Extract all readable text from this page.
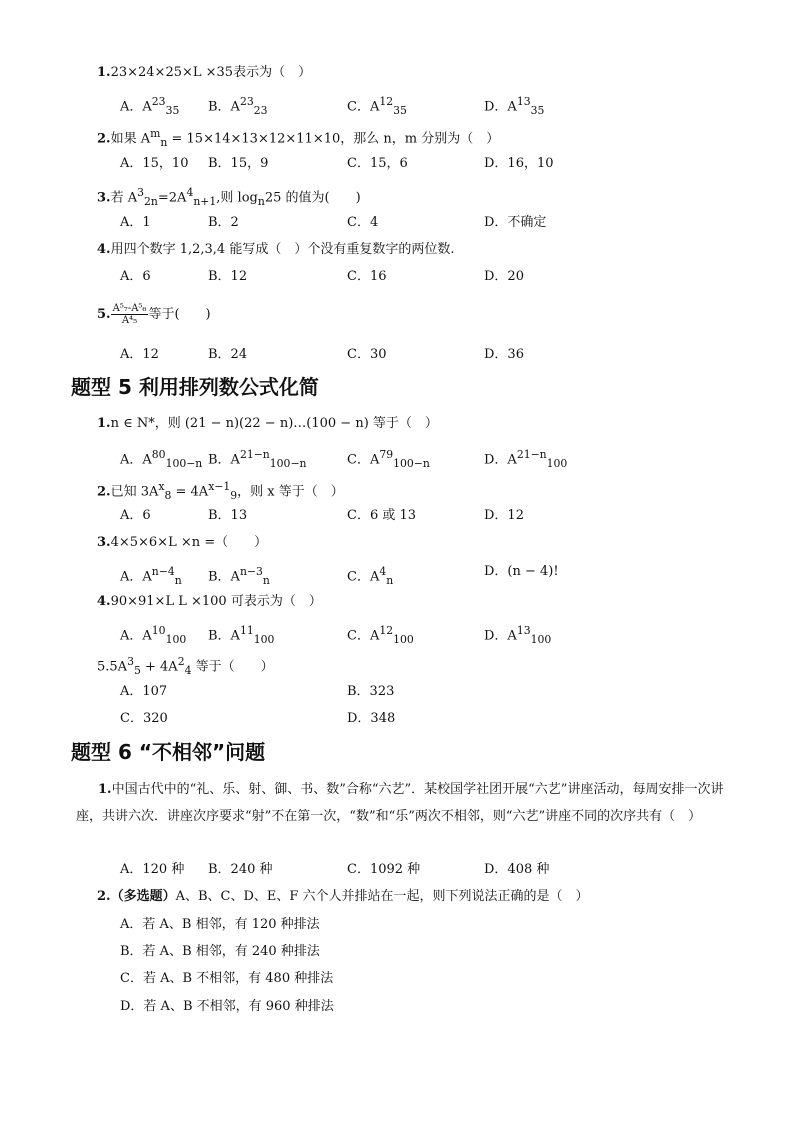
1.23×24×25×L ×35表示为（　）
A．$A^{23}_{35}$ B．$A^{23}_{23}$	C．$A^{12}_{35}$	D．$A^{13}_{35}$
2.如果 $A^m_n = 15\times 14\times 13\times 12\times 11\times 10$，那么 n，m 分别为（　）
A．15，10 B．15，9	C．15，6	D．16，10
3.若 $A^3_{2n}=2A^4_{n+1}$,则 $\log_n25$ 的值为(　　)
A．1	B．2	C．4	D．不确定
4.用四个数字 1,2,3,4 能写成（　）个没有重复数字的两位数.
A．6	B．12	C．16	D．20
5. $\frac{\text{A⁵₇-A⁵₆}}{\text{A⁴₅}}$ 等于(　　)
A．12	B．24	C．30	D．36
题型 5 利用排列数公式化简
1.n ∈ N*，则 (21 − n)(22 − n)…(100 − n) 等于（　）
A．$A^{80}_{100-n}$ B．$A^{21-n}_{100-n}$	C．$A^{79}_{100-n}$	D．$A^{21-n}_{100}$
2.已知 $3A^x_8 = 4A^{x-1}_9$，则 x 等于（　）
A．6	B．13	C．6 或 13	D．12
3.4×5×6×L ×n =（　　）
A．$A^{n-4}_n$ B．$A^{n-3}_n$	C．$A^4_n$
D．(n − 4)!
4.90×91×L L ×100 可表示为（　）
A．$A^{10}_{100}$ B．$A^{11}_{100}$	C．$A^{12}_{100}$	D．$A^{13}_{100}$
$5.5A^3_5 + 4A^2_4$ 等于（　　）
A．107	B．323
C．320	D．348
题型 6 “不相邻”问题
1.中国古代中的“礼、乐、射、御、书、数”合称“六艺”．某校国学社团开展“六艺”讲座活动，每周安排一次讲座，共讲六次．讲座次序要求“射”不在第一次，“数”和“乐”两次不相邻，则“六艺”讲座不同的次序共有（　）
A．120 种 B．240 种	C．1092 种	D．408 种
2.（多选题）A、B、C、D、E、F 六个人并排站在一起，则下列说法正确的是（　）
A．若 A、B 相邻，有 120 种排法
B．若 A、B 相邻，有 240 种排法
C．若 A、B 不相邻，有 480 种排法
D．若 A、B 不相邻，有 960 种排法
